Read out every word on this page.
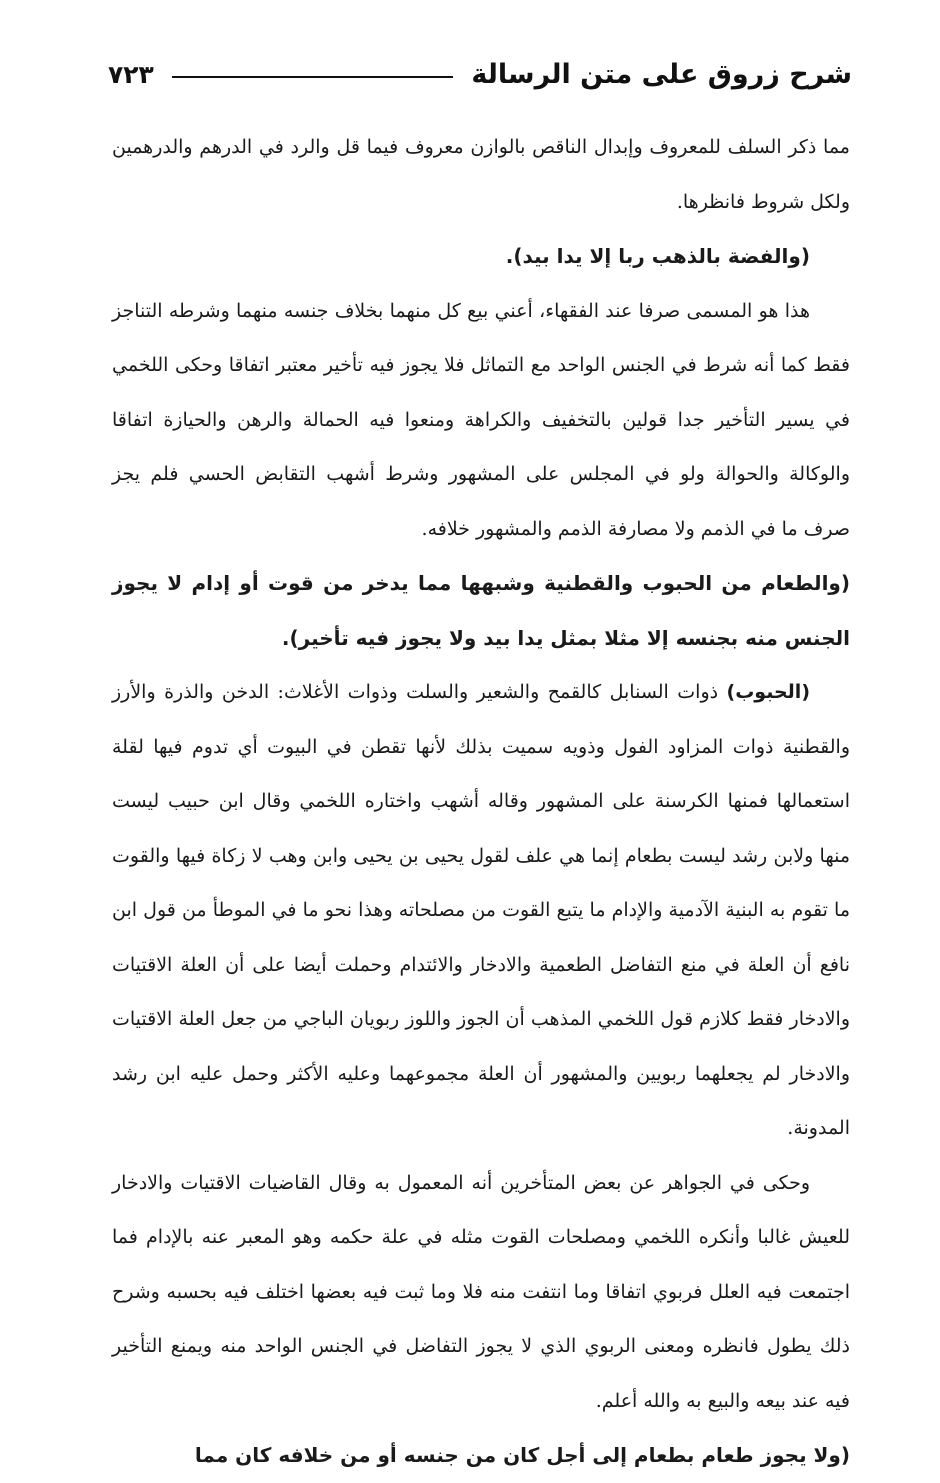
شرح زروق على متن الرسالة
٧٢٣

مما ذكر السلف للمعروف وإبدال الناقص بالوازن معروف فيما قل والرد في الدرهم والدرهمين ولكل شروط فانظرها.

(والفضة بالذهب ربا إلا يدا بيد).

هذا هو المسمى صرفا عند الفقهاء، أعني بيع كل منهما بخلاف جنسه منهما وشرطه التناجز فقط كما أنه شرط في الجنس الواحد مع التماثل فلا يجوز فيه تأخير معتبر اتفاقا وحكى اللخمي في يسير التأخير جدا قولين بالتخفيف والكراهة ومنعوا فيه الحمالة والرهن والحيازة اتفاقا والوكالة والحوالة ولو في المجلس على المشهور وشرط أشهب التقابض الحسي فلم يجز صرف ما في الذمم ولا مصارفة الذمم والمشهور خلافه.

(والطعام من الحبوب والقطنية وشبهها مما يدخر من قوت أو إدام لا يجوز الجنس منه بجنسه إلا مثلا بمثل يدا بيد ولا يجوز فيه تأخير).

(الحبوب) ذوات السنابل كالقمح والشعير والسلت وذوات الأغلاث: الدخن والذرة والأرز والقطنية ذوات المزاود الفول وذويه سميت بذلك لأنها تقطن في البيوت أي تدوم فيها لقلة استعمالها فمنها الكرسنة على المشهور وقاله أشهب واختاره اللخمي وقال ابن حبيب ليست منها ولابن رشد ليست بطعام إنما هي علف لقول يحيى بن يحيى وابن وهب لا زكاة فيها والقوت ما تقوم به البنية الآدمية والإدام ما يتبع القوت من مصلحاته وهذا نحو ما في الموطأ من قول ابن نافع أن العلة في منع التفاضل الطعمية والادخار والائتدام وحملت أيضا على أن العلة الاقتيات والادخار فقط كلازم قول اللخمي المذهب أن الجوز واللوز ربويان الباجي من جعل العلة الاقتيات والادخار لم يجعلهما ربويين والمشهور أن العلة مجموعهما وعليه الأكثر وحمل عليه ابن رشد المدونة.

وحكى في الجواهر عن بعض المتأخرين أنه المعمول به وقال القاضيات الاقتيات والادخار للعيش غالبا وأنكره اللخمي ومصلحات القوت مثله في علة حكمه وهو المعبر عنه بالإدام فما اجتمعت فيه العلل فربوي اتفاقا وما انتفت منه فلا وما ثبت فيه بعضها اختلف فيه بحسبه وشرح ذلك يطول فانظره ومعنى الربوي الذي لا يجوز التفاضل في الجنس الواحد منه ويمنع التأخير فيه عند بيعه والبيع به والله أعلم.

(ولا يجوز طعام بطعام إلى أجل كان من جنسه أو من خلافه كان مما
